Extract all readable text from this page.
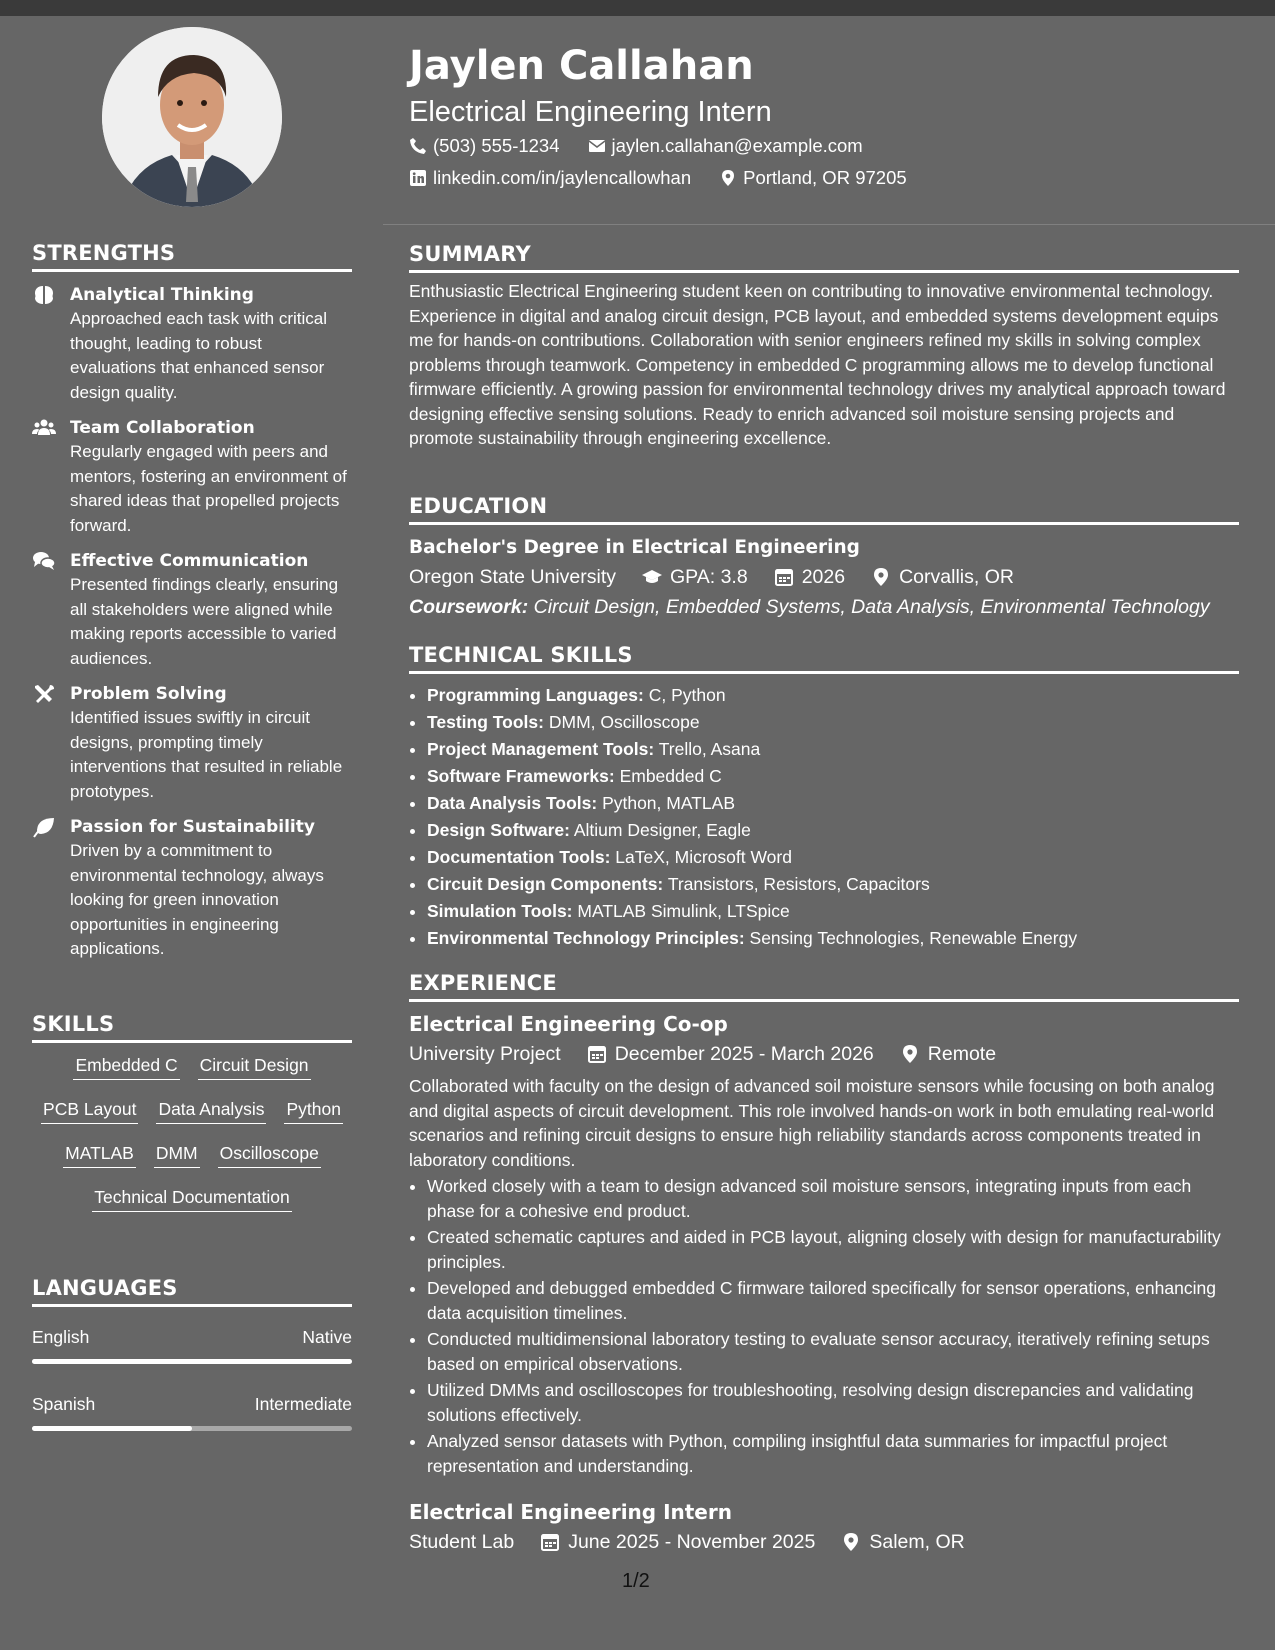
STRENGTHS
Analytical Thinking
Approached each task with critical thought, leading to robust evaluations that enhanced sensor design quality.
Team Collaboration
Regularly engaged with peers and mentors, fostering an environment of shared ideas that propelled projects forward.
Effective Communication
Presented findings clearly, ensuring all stakeholders were aligned while making reports accessible to varied audiences.
Problem Solving
Identified issues swiftly in circuit designs, prompting timely interventions that resulted in reliable prototypes.
Passion for Sustainability
Driven by a commitment to environmental technology, always looking for green innovation opportunities in engineering applications.
SKILLS
Embedded C Circuit Design
PCB Layout Data Analysis Python
MATLAB DMM Oscilloscope
Technical Documentation
LANGUAGES
English	Native
Spanish	Intermediate
Jaylen Callahan
Electrical Engineering Intern
(503) 555-1234	jaylen.callahan@example.com
linkedin.com/in/jaylencallowhan	Portland, OR 97205
SUMMARY
Enthusiastic Electrical Engineering student keen on contributing to innovative environmental technology. Experience in digital and analog circuit design, PCB layout, and embedded systems development equips me for hands-on contributions. Collaboration with senior engineers refined my skills in solving complex problems through teamwork. Competency in embedded C programming allows me to develop functional firmware efficiently. A growing passion for environmental technology drives my analytical approach toward designing effective sensing solutions. Ready to enrich advanced soil moisture sensing projects and promote sustainability through engineering excellence.
EDUCATION
Bachelor's Degree in Electrical Engineering
Oregon State University	GPA: 3.8	2026	Corvallis, OR
Coursework: Circuit Design, Embedded Systems, Data Analysis, Environmental Technology
TECHNICAL SKILLS
• Programming Languages: C, Python
• Testing Tools: DMM, Oscilloscope
• Project Management Tools: Trello, Asana
• Software Frameworks: Embedded C
• Data Analysis Tools: Python, MATLAB
• Design Software: Altium Designer, Eagle
• Documentation Tools: LaTeX, Microsoft Word
• Circuit Design Components: Transistors, Resistors, Capacitors
• Simulation Tools: MATLAB Simulink, LTSpice
• Environmental Technology Principles: Sensing Technologies, Renewable Energy
EXPERIENCE
Electrical Engineering Co-op
University Project	December 2025 - March 2026	Remote
Collaborated with faculty on the design of advanced soil moisture sensors while focusing on both analog and digital aspects of circuit development. This role involved hands-on work in both emulating real-world scenarios and refining circuit designs to ensure high reliability standards across components treated in laboratory conditions.
• Worked closely with a team to design advanced soil moisture sensors, integrating inputs from each phase for a cohesive end product.
• Created schematic captures and aided in PCB layout, aligning closely with design for manufacturability principles.
• Developed and debugged embedded C firmware tailored specifically for sensor operations, enhancing data acquisition timelines.
• Conducted multidimensional laboratory testing to evaluate sensor accuracy, iteratively refining setups based on empirical observations.
• Utilized DMMs and oscilloscopes for troubleshooting, resolving design discrepancies and validating solutions effectively.
• Analyzed sensor datasets with Python, compiling insightful data summaries for impactful project representation and understanding.
Electrical Engineering Intern
Student Lab	June 2025 - November 2025	Salem, OR
1/2
